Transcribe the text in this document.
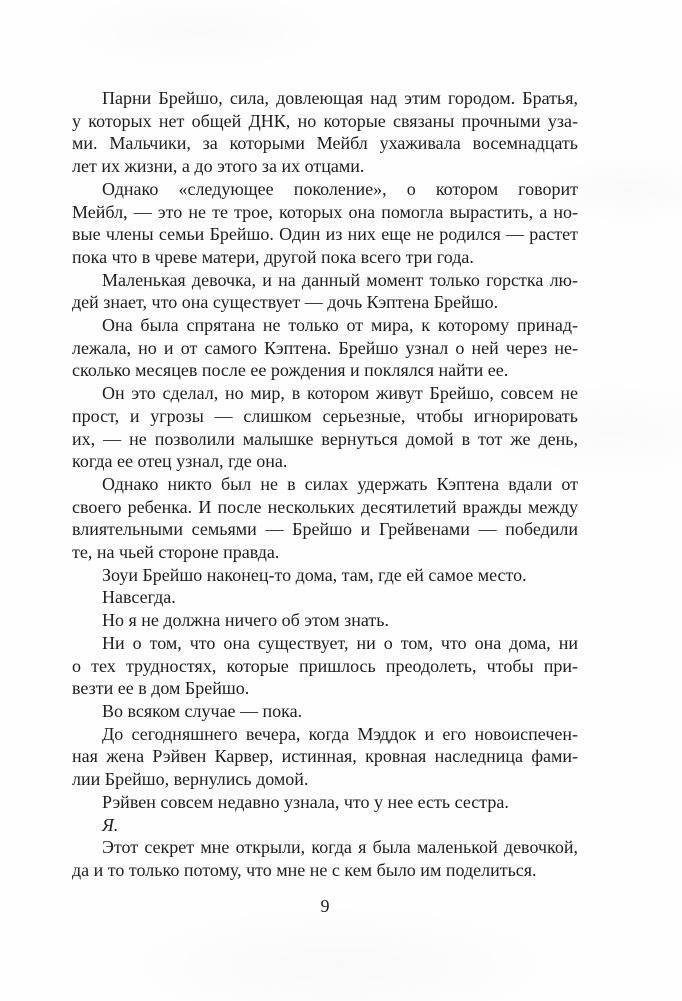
Парни Брейшо, сила, довлеющая над этим городом. Братья,
у которых нет общей ДНК, но которые связаны прочными уза-
ми. Мальчики, за которыми Мейбл ухаживала восемнадцать
лет их жизни, а до этого за их отцами.
Однако «следующее поколение», о котором говорит
Мейбл, — это не те трое, которых она помогла вырастить, а но-
вые члены семьи Брейшо. Один из них еще не родился — растет
пока что в чреве матери, другой пока всего три года.
Маленькая девочка, и на данный момент только горстка лю-
дей знает, что она существует — дочь Кэптена Брейшо.
Она была спрятана не только от мира, к которому принад-
лежала, но и от самого Кэптена. Брейшо узнал о ней через не-
сколько месяцев после ее рождения и поклялся найти ее.
Он это сделал, но мир, в котором живут Брейшо, совсем не
прост, и угрозы — слишком серьезные, чтобы игнорировать
их, — не позволили малышке вернуться домой в тот же день,
когда ее отец узнал, где она.
Однако никто был не в силах удержать Кэптена вдали от
своего ребенка. И после нескольких десятилетий вражды между
влиятельными семьями — Брейшо и Грейвенами — победили
те, на чьей стороне правда.
Зоуи Брейшо наконец-то дома, там, где ей самое место.
Навсегда.
Но я не должна ничего об этом знать.
Ни о том, что она существует, ни о том, что она дома, ни
о тех трудностях, которые пришлось преодолеть, чтобы при-
везти ее в дом Брейшо.
Во всяком случае — пока.
До сегодняшнего вечера, когда Мэддок и его новоиспечен-
ная жена Рэйвен Карвер, истинная, кровная наследница фами-
лии Брейшо, вернулись домой.
Рэйвен совсем недавно узнала, что у нее есть сестра.
Я.
Этот секрет мне открыли, когда я была маленькой девочкой,
да и то только потому, что мне не с кем было им поделиться.
9
